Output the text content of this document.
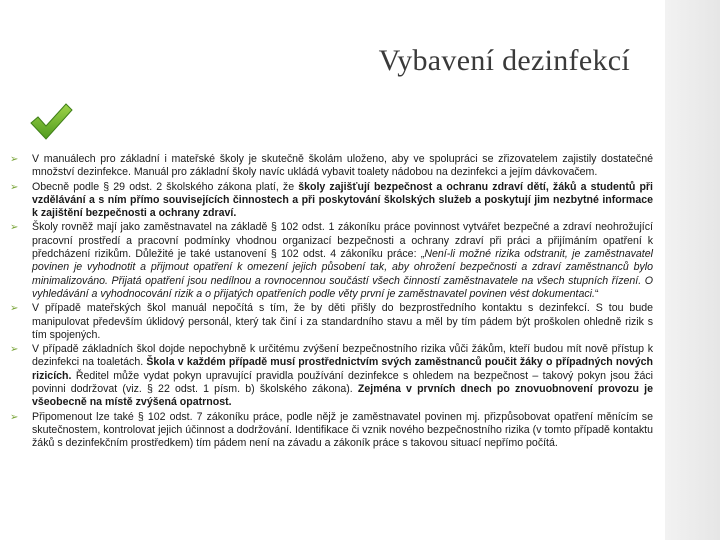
Vybavení dezinfekcí
➢	V manuálech pro základní i mateřské školy je skutečně školám uloženo, aby ve spolupráci se zřizovatelem zajistily dostatečné množství dezinfekce. Manuál pro základní školy navíc ukládá vybavit toalety nádobou na dezinfekci a jejím dávkovačem.
➢	Obecně podle § 29 odst. 2 školského zákona platí, že školy zajišťují bezpečnost a ochranu zdraví dětí, žáků a studentů při vzdělávání a s ním přímo souvisejících činnostech a při poskytování školských služeb a poskytují jim nezbytné informace k zajištění bezpečnosti a ochrany zdraví.
➢	Školy rovněž mají jako zaměstnavatel na základě § 102 odst. 1 zákoníku práce povinnost vytvářet bezpečné a zdraví neohrožující pracovní prostředí a pracovní podmínky vhodnou organizací bezpečnosti a ochrany zdraví při práci a přijímáním opatření k předcházení rizikům. Důležité je také ustanovení § 102 odst. 4 zákoníku práce: „Není-li možné rizika odstranit, je zaměstnavatel povinen je vyhodnotit a přijmout opatření k omezení jejich působení tak, aby ohrožení bezpečnosti a zdraví zaměstnanců bylo minimalizováno. Přijatá opatření jsou nedílnou a rovnocennou součástí všech činností zaměstnavatele na všech stupních řízení. O vyhledávání a vyhodnocování rizik a o přijatých opatřeních podle věty první je zaměstnavatel povinen vést dokumentaci.“
➢	V případě mateřských škol manuál nepočítá s tím, že by děti přišly do bezprostředního kontaktu s dezinfekcí. S tou bude manipulovat především úklidový personál, který tak činí i za standardního stavu a měl by tím pádem být proškolen ohledně rizik s tím spojených.
➢	V případě základních škol dojde nepochybně k určitému zvýšení bezpečnostního rizika vůči žákům, kteří budou mít nově přístup k dezinfekci na toaletách. Škola v každém případě musí prostřednictvím svých zaměstnanců poučit žáky o případných nových rizicích. Ředitel může vydat pokyn upravující pravidla používání dezinfekce s ohledem na bezpečnost – takový pokyn jsou žáci povinni dodržovat (viz. § 22 odst. 1 písm. b) školského zákona). Zejména v prvních dnech po znovuobnovení provozu je všeobecně na místě zvýšená opatrnost.
➢	Připomenout lze také § 102 odst. 7 zákoníku práce, podle nějž je zaměstnavatel povinen mj. přizpůsobovat opatření měnícím se skutečnostem, kontrolovat jejich účinnost a dodržování. Identifikace či vznik nového bezpečnostního rizika (v tomto případě kontaktu žáků s dezinfekčním prostředkem) tím pádem není na závadu a zákoník práce s takovou situací nepřímo počítá.
